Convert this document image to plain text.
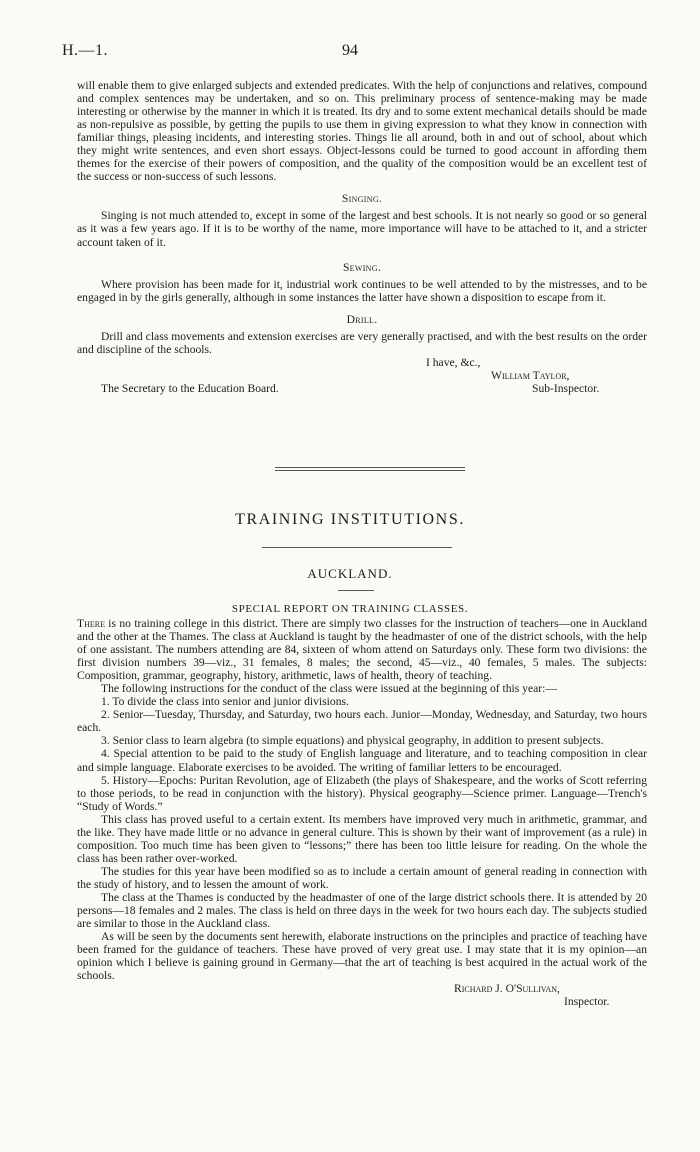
H.—1.	94

will enable them to give enlarged subjects and extended predicates. With the help of conjunctions and relatives, compound and complex sentences may be undertaken, and so on. This preliminary process of sentence-making may be made interesting or otherwise by the manner in which it is treated. Its dry and to some extent mechanical details should be made as non-repulsive as possible, by getting the pupils to use them in giving expression to what they know in connection with familiar things, pleasing incidents, and interesting stories. Things lie all around, both in and out of school, about which they might write sentences, and even short essays. Object-lessons could be turned to good account in affording them themes for the exercise of their powers of composition, and the quality of the composition would be an excellent test of the success or non-success of such lessons.

Singing.

Singing is not much attended to, except in some of the largest and best schools. It is not nearly so good or so general as it was a few years ago. If it is to be worthy of the name, more importance will have to be attached to it, and a stricter account taken of it.

Sewing.

Where provision has been made for it, industrial work continues to be well attended to by the mistresses, and to be engaged in by the girls generally, although in some instances the latter have shown a disposition to escape from it.

Drill.

Drill and class movements and extension exercises are very generally practised, and with the best results on the order and discipline of the schools.

I have, &c.,
William Taylor,
The Secretary to the Education Board.	Sub-Inspector.
TRAINING INSTITUTIONS.
AUCKLAND.
SPECIAL REPORT ON TRAINING CLASSES.

There is no training college in this district. There are simply two classes for the instruction of teachers—one in Auckland and the other at the Thames. The class at Auckland is taught by the headmaster of one of the district schools, with the help of one assistant. The numbers attending are 84, sixteen of whom attend on Saturdays only. These form two divisions: the first division numbers 39—viz., 31 females, 8 males; the second, 45—viz., 40 females, 5 males. The subjects: Composition, grammar, geography, history, arithmetic, laws of health, theory of teaching.

The following instructions for the conduct of the class were issued at the beginning of this year:—

1. To divide the class into senior and junior divisions.

2. Senior—Tuesday, Thursday, and Saturday, two hours each. Junior—Monday, Wednesday, and Saturday, two hours each.

3. Senior class to learn algebra (to simple equations) and physical geography, in addition to present subjects.

4. Special attention to be paid to the study of English language and literature, and to teaching composition in clear and simple language. Elaborate exercises to be avoided. The writing of familiar letters to be encouraged.

5. History—Epochs: Puritan Revolution, age of Elizabeth (the plays of Shakespeare, and the works of Scott referring to those periods, to be read in conjunction with the history). Physical geography—Science primer. Language—Trench's “Study of Words.”

This class has proved useful to a certain extent. Its members have improved very much in arithmetic, grammar, and the like. They have made little or no advance in general culture. This is shown by their want of improvement (as a rule) in composition. Too much time has been given to “lessons;” there has been too little leisure for reading. On the whole the class has been rather over-worked.

The studies for this year have been modified so as to include a certain amount of general reading in connection with the study of history, and to lessen the amount of work.

The class at the Thames is conducted by the headmaster of one of the large district schools there. It is attended by 20 persons—18 females and 2 males. The class is held on three days in the week for two hours each day. The subjects studied are similar to those in the Auckland class.

As will be seen by the documents sent herewith, elaborate instructions on the principles and practice of teaching have been framed for the guidance of teachers. These have proved of very great use. I may state that it is my opinion—an opinion which I believe is gaining ground in Germany—that the art of teaching is best acquired in the actual work of the schools.

Richard J. O'Sullivan,
Inspector.
